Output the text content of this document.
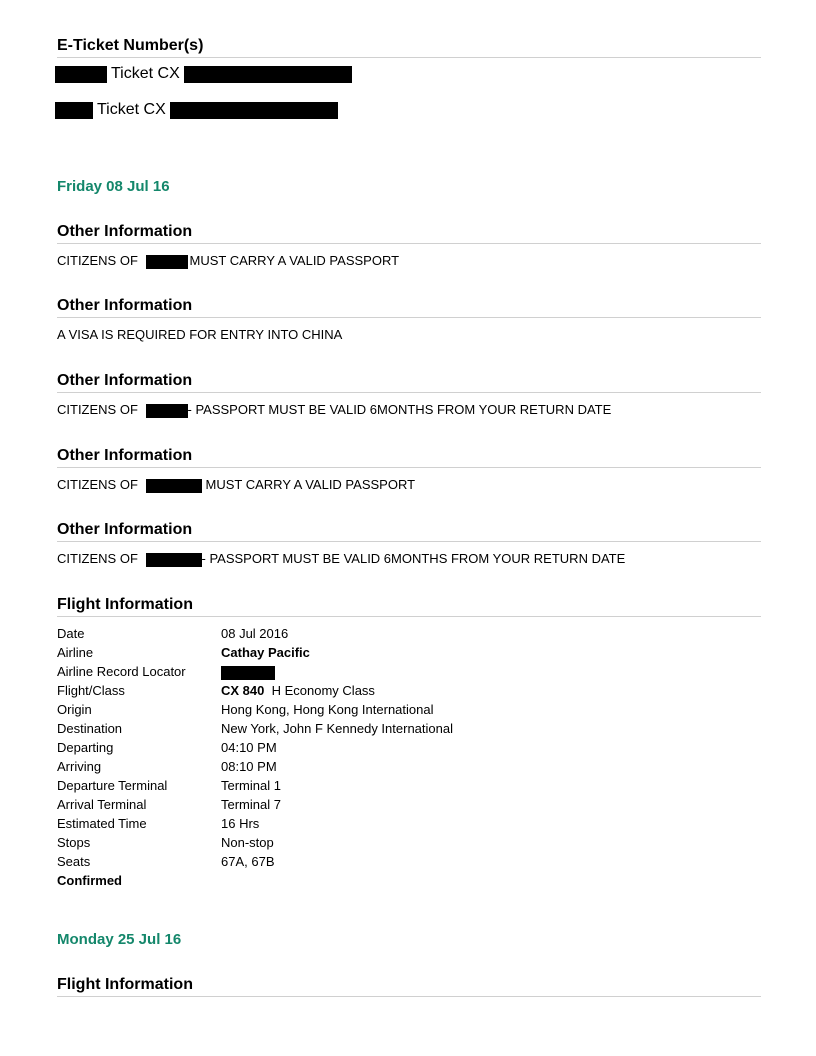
E-Ticket Number(s)
Ticket CX
Ticket CX
Friday 08 Jul 16
Other Information
CITIZENS OF	MUST CARRY A VALID PASSPORT
Other Information
A VISA IS REQUIRED FOR ENTRY INTO CHINA
Other Information
CITIZENS OF	- PASSPORT MUST BE VALID 6MONTHS FROM YOUR RETURN DATE
Other Information
CITIZENS OF	MUST CARRY A VALID PASSPORT
Other Information
CITIZENS OF	- PASSPORT MUST BE VALID 6MONTHS FROM YOUR RETURN DATE
Flight Information
Date	08 Jul 2016
Airline	Cathay Pacific
Airline Record Locator
Flight/Class	CX 840 H Economy Class
Origin	Hong Kong, Hong Kong International
Destination	New York, John F Kennedy International
Departing	04:10 PM
Arriving	08:10 PM
Departure Terminal	Terminal 1
Arrival Terminal	Terminal 7
Estimated Time	16 Hrs
Stops	Non-stop
Seats	67A, 67B
Confirmed
Monday 25 Jul 16
Flight Information
